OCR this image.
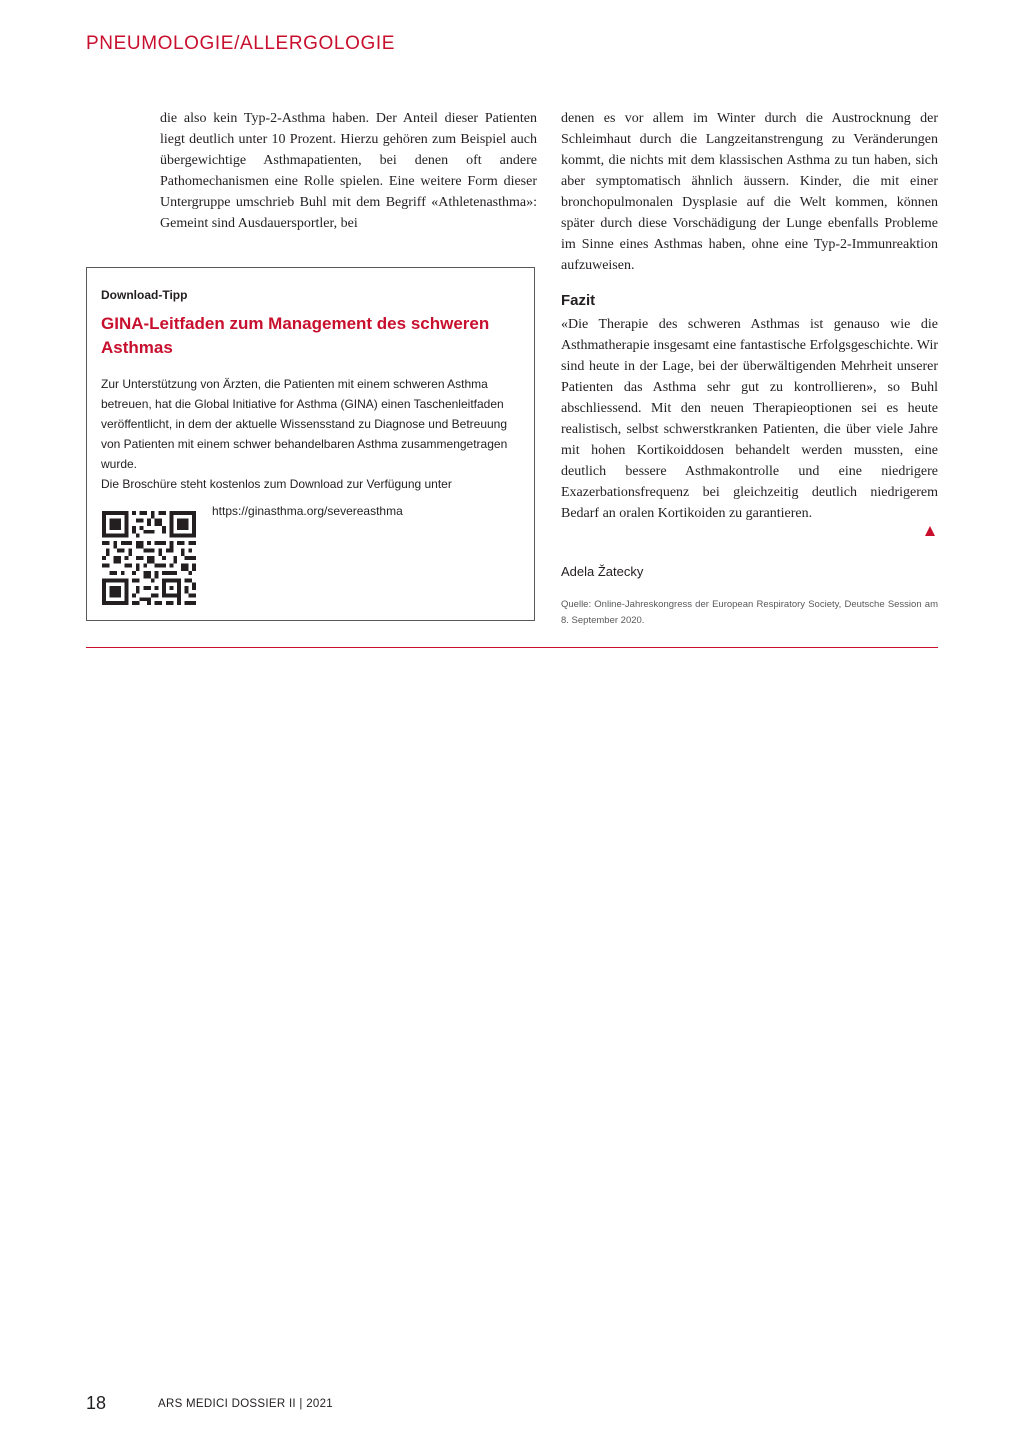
PNEUMOLOGIE/ALLERGOLOGIE

die also kein Typ-2-Asthma haben. Der Anteil dieser Patienten liegt deutlich unter 10 Prozent. Hierzu gehören zum Beispiel auch übergewichtige Asthmapatienten, bei denen oft andere Pathomechanismen eine Rolle spielen. Eine weitere Form dieser Untergruppe umschrieb Buhl mit dem Begriff «Athletenasthma»: Gemeint sind Ausdauersportler, bei

denen es vor allem im Winter durch die Austrocknung der Schleimhaut durch die Langzeitanstrengung zu Veränderungen kommt, die nichts mit dem klassischen Asthma zu tun haben, sich aber symptomatisch ähnlich äussern. Kinder, die mit einer bronchopulmonalen Dysplasie auf die Welt kommen, können später durch diese Vorschädigung der Lunge ebenfalls Probleme im Sinne eines Asthmas haben, ohne eine Typ-2-Immunreaktion aufzuweisen.

Download-Tipp
GINA-Leitfaden zum Management des schweren Asthmas

Zur Unterstützung von Ärzten, die Patienten mit einem schweren Asthma betreuen, hat die Global Initiative for Asthma (GINA) einen Taschenleitfaden veröffentlicht, in dem der aktuelle Wissensstand zu Diagnose und Betreuung von Patienten mit einem schwer behandelbaren Asthma zusammengetragen wurde.

Die Broschüre steht kostenlos zum Download zur Verfügung unter

https://ginasthma.org/severeasthma
Fazit

«Die Therapie des schweren Asthmas ist genauso wie die Asthmatherapie insgesamt eine fantastische Erfolgsgeschichte. Wir sind heute in der Lage, bei der überwältigenden Mehrheit unserer Patienten das Asthma sehr gut zu kontrollieren», so Buhl abschliessend. Mit den neuen Therapieoptionen sei es heute realistisch, selbst schwerstkranken Patienten, die über viele Jahre mit hohen Kortikoiddosen behandelt werden mussten, eine deutlich bessere Asthmakontrolle und eine niedrigere Exazerbationsfrequenz bei gleichzeitig deutlich niedrigerem Bedarf an oralen Kortikoiden zu garantieren.

Adela Žatecky
Quelle: Online-Jahreskongress der European Respiratory Society, Deutsche Session am 8. September 2020.
18	ARS MEDICI DOSSIER II | 2021
